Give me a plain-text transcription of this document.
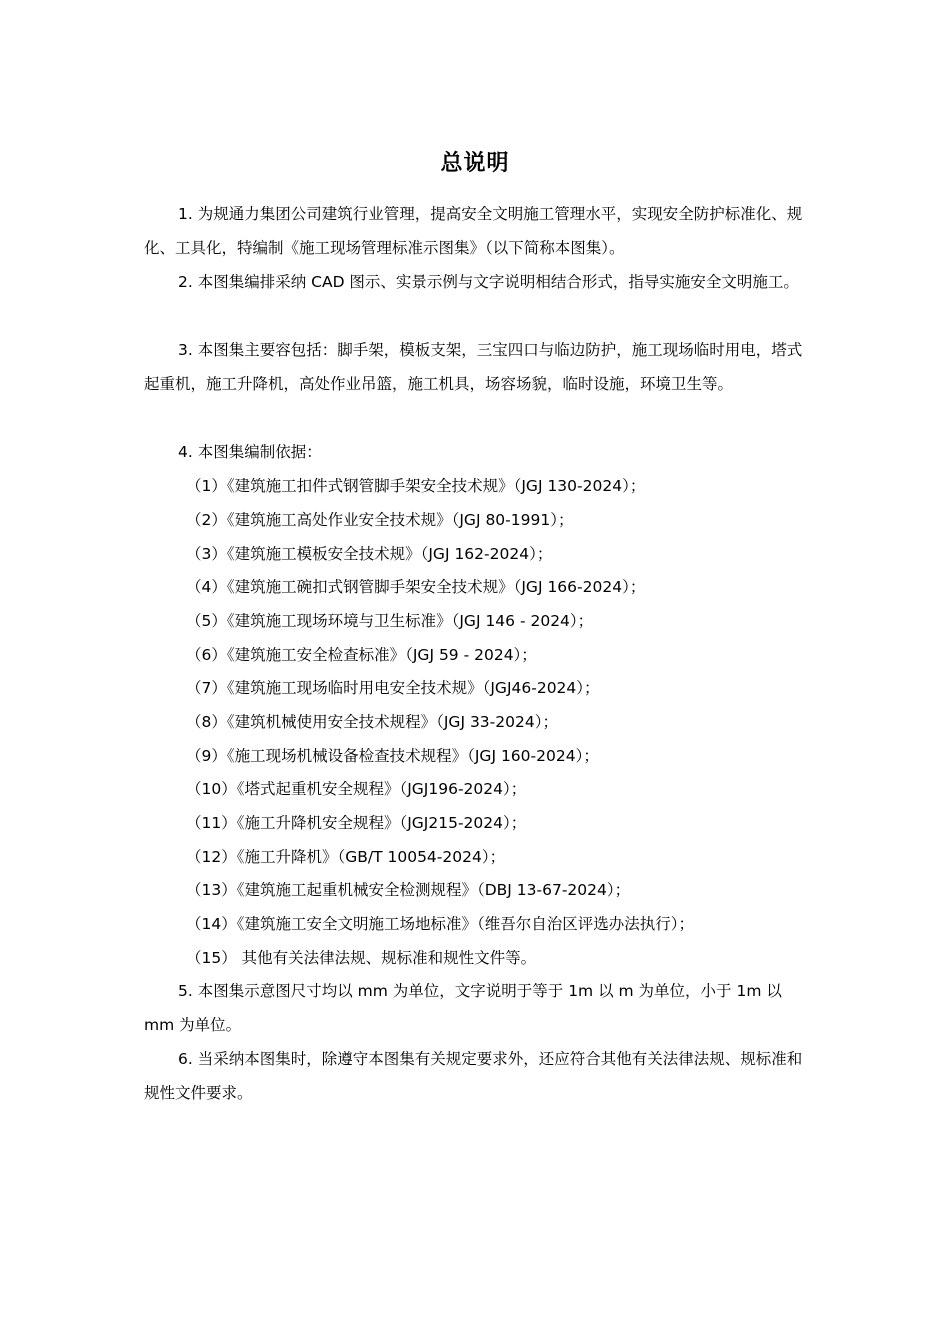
总说明

1. 为规通力集团公司建筑行业管理，提高安全文明施工管理水平，实现安全防护标准化、规化、工具化，特编制《施工现场管理标准示图集》（以下简称本图集）。

2. 本图集编排采纳 CAD 图示、实景示例与文字说明相结合形式，指导实施安全文明施工。

3. 本图集主要容包括：脚手架，模板支架，三宝四口与临边防护，施工现场临时用电，塔式起重机，施工升降机，高处作业吊篮，施工机具，场容场貌，临时设施，环境卫生等。

4. 本图集编制依据：

（1）《建筑施工扣件式钢管脚手架安全技术规》（JGJ 130-2024）；

（2）《建筑施工高处作业安全技术规》（JGJ 80-1991）；

（3）《建筑施工模板安全技术规》（JGJ 162-2024）；

（4）《建筑施工碗扣式钢管脚手架安全技术规》（JGJ 166-2024）；

（5）《建筑施工现场环境与卫生标准》（JGJ 146 - 2024）；

（6）《建筑施工安全检查标准》（JGJ 59 - 2024）；

（7）《建筑施工现场临时用电安全技术规》（JGJ46-2024）；

（8）《建筑机械使用安全技术规程》（JGJ 33-2024）；

（9）《施工现场机械设备检查技术规程》（JGJ 160-2024）；

（10）《塔式起重机安全规程》（JGJ196-2024）；

（11）《施工升降机安全规程》（JGJ215-2024）；

（12）《施工升降机》（GB/T 10054-2024）；

（13）《建筑施工起重机械安全检测规程》（DBJ 13-67-2024）；

（14）《建筑施工安全文明施工场地标准》（维吾尔自治区评选办法执行）；

（15） 其他有关法律法规、规标准和规性文件等。

5. 本图集示意图尺寸均以 mm 为单位，文字说明于等于 1m 以 m 为单位，小于 1m 以 mm 为单位。

6. 当采纳本图集时，除遵守本图集有关规定要求外，还应符合其他有关法律法规、规标准和规性文件要求。
